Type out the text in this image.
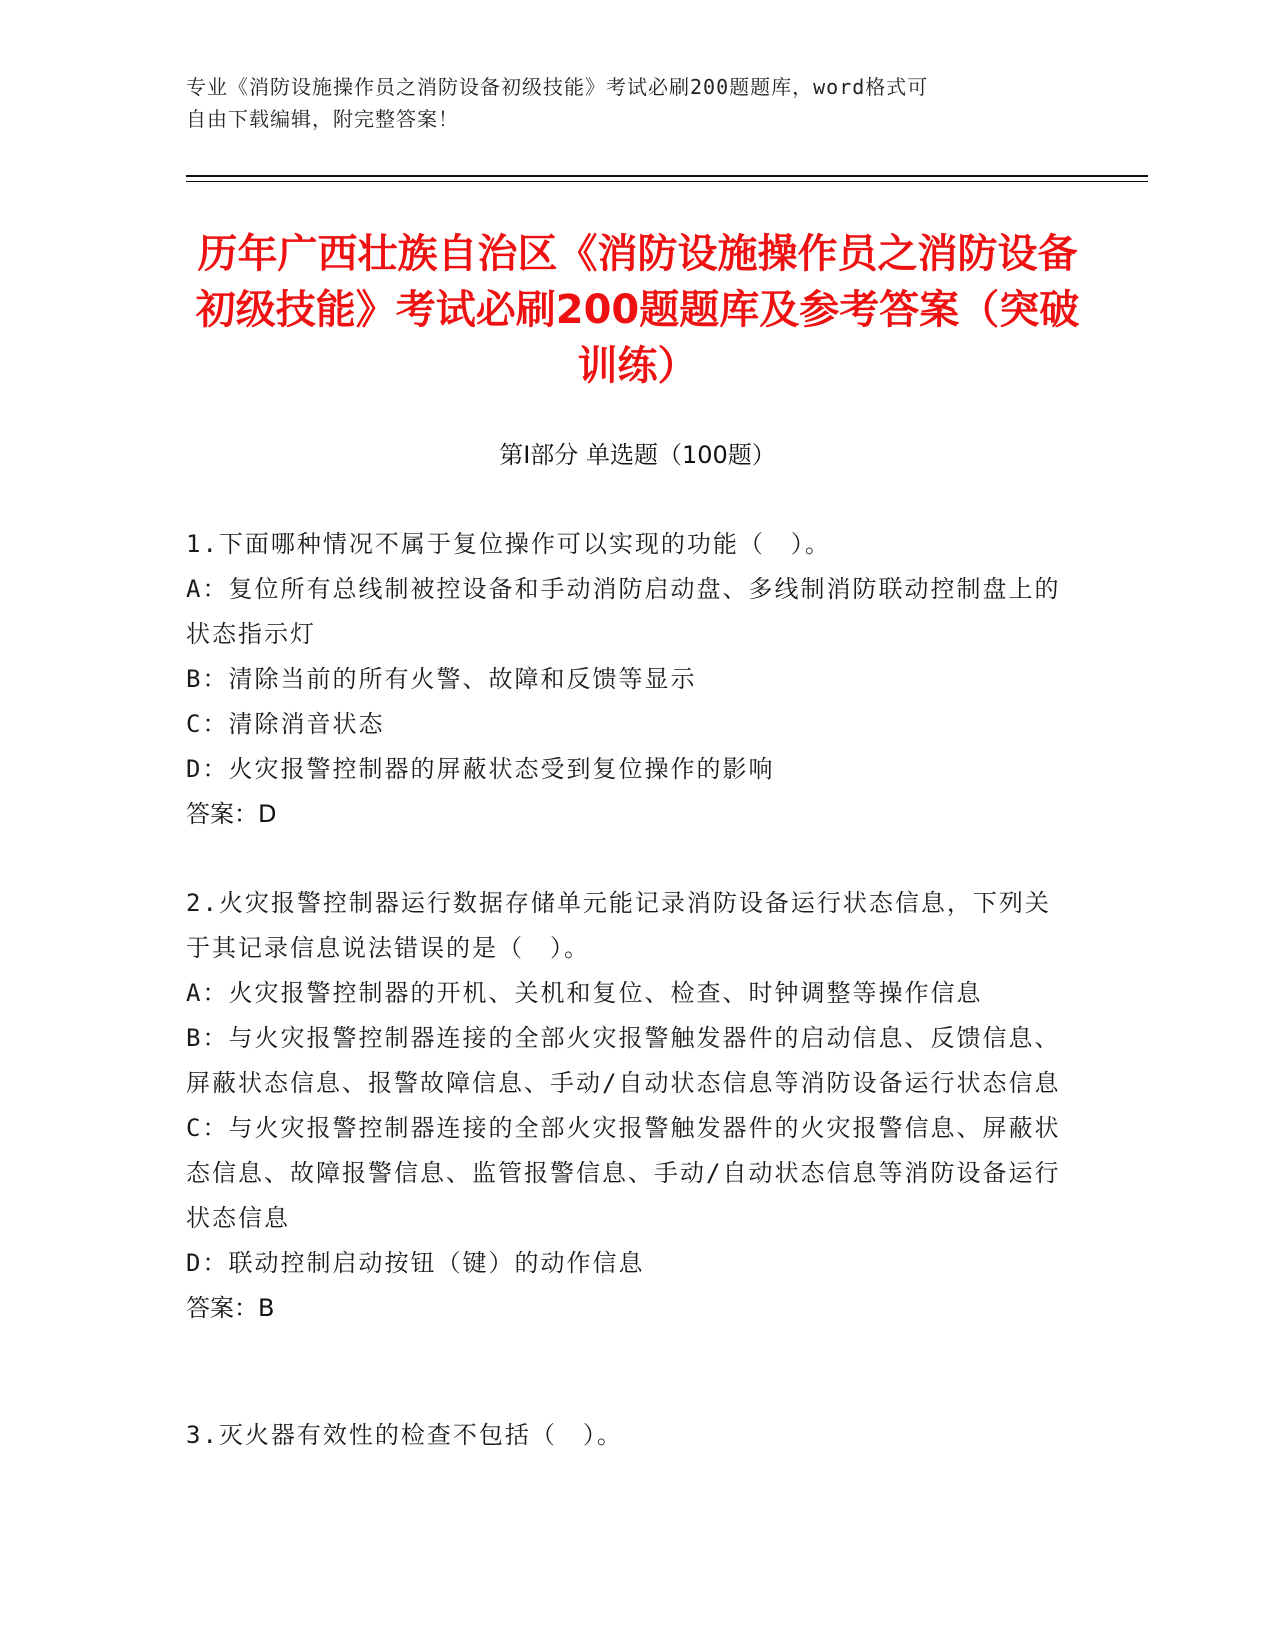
专业《消防设施操作员之消防设备初级技能》考试必刷200题题库，word格式可
自由下载编辑，附完整答案！
历年广西壮族自治区《消防设施操作员之消防设备初级技能》考试必刷200题题库及参考答案（突破训练）
第Ⅰ部分 单选题（100题）

1.下面哪种情况不属于复位操作可以实现的功能（　）。

A：复位所有总线制被控设备和手动消防启动盘、多线制消防联动控制盘上的状态指示灯

B：清除当前的所有火警、故障和反馈等显示

C：清除消音状态

D：火灾报警控制器的屏蔽状态受到复位操作的影响

答案：D

2.火灾报警控制器运行数据存储单元能记录消防设备运行状态信息，下列关于其记录信息说法错误的是（　）。

A：火灾报警控制器的开机、关机和复位、检查、时钟调整等操作信息

B：与火灾报警控制器连接的全部火灾报警触发器件的启动信息、反馈信息、屏蔽状态信息、报警故障信息、手动/自动状态信息等消防设备运行状态信息

C：与火灾报警控制器连接的全部火灾报警触发器件的火灾报警信息、屏蔽状态信息、故障报警信息、监管报警信息、手动/自动状态信息等消防设备运行状态信息

D：联动控制启动按钮（键）的动作信息

答案：B

3.灭火器有效性的检查不包括（　）。
